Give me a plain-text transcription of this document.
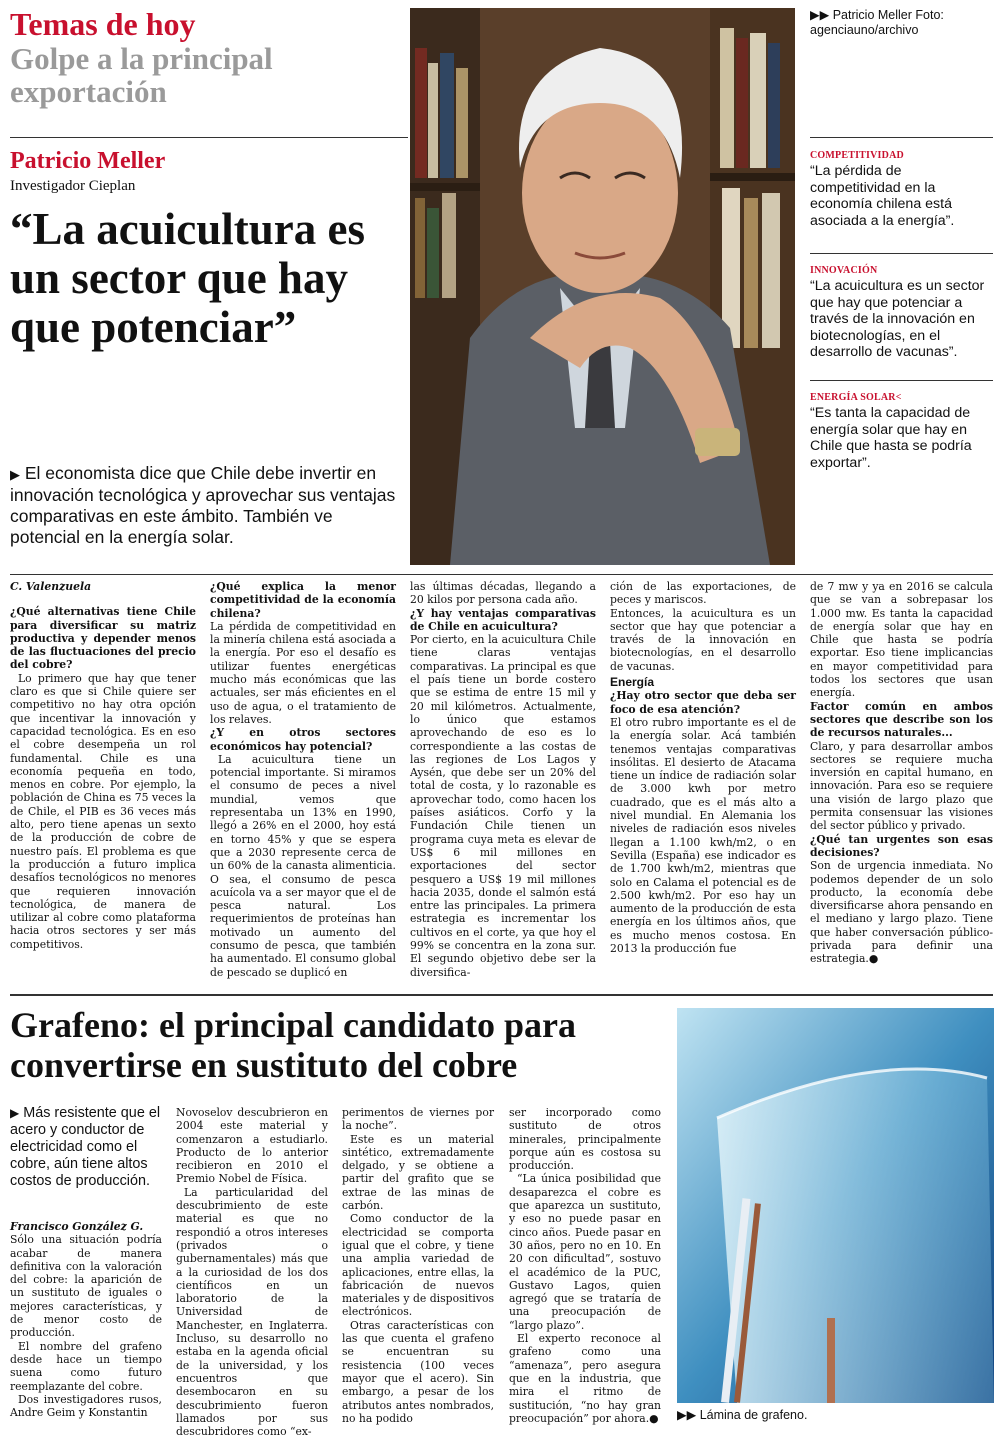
Temas de hoy
Golpe a la principal exportación
Patricio Meller
Investigador Cieplan
“La acuicultura es un sector que hay que potenciar”
▶ El economista dice que Chile debe invertir en innovación tecnológica y aprovechar sus ventajas comparativas en este ámbito. También ve potencial en la energía solar.
▶▶ Patricio Meller Foto: agenciauno/archivo
COMPETITIVIDAD
“La pérdida de competitividad en la economía chilena está asociada a la energía”.
INNOVACIÓN
“La acuicultura es un sector que hay que potenciar a través de la innovación en biotecnologías, en el desarrollo de vacunas”.
ENERGÍA SOLAR<
“Es tanta la capacidad de energía solar que hay en Chile que hasta se podría exportar”.

C. Valenzuela

¿Qué alternativas tiene Chile para diversificar su matriz productiva y depender menos de las fluctuaciones del precio del cobre?

Lo primero que hay que tener claro es que si Chile quiere ser competitivo no hay otra opción que incentivar la innovación y capacidad tecnológica. Es en eso el cobre desempeña un rol fundamental. Chile es una economía pequeña en todo, menos en cobre. Por ejemplo, la población de China es 75 veces la de Chile, el PIB es 36 veces más alto, pero tiene apenas un sexto de la producción de cobre de nuestro país. El problema es que la producción a futuro implica desafíos tecnológicos no menores que requieren innovación tecnológica, de manera de utilizar al cobre como plataforma hacia otros sectores y ser más competitivos.

¿Qué explica la menor competitividad de la economía chilena?

La pérdida de competitividad en la minería chilena está asociada a la energía. Por eso el desafío es utilizar fuentes energéticas mucho más económicas que las actuales, ser más eficientes en el uso de agua, o el tratamiento de los relaves.

¿Y en otros sectores económicos hay potencial?

La acuicultura tiene un potencial importante. Si miramos el consumo de peces a nivel mundial, vemos que representaba un 13% en 1990, llegó a 26% en el 2000, hoy está en torno 45% y que se espera que a 2030 represente cerca de un 60% de la canasta alimenticia. O sea, el consumo de pesca acuícola va a ser mayor que el de pesca natural. Los requerimientos de proteínas han motivado un aumento del consumo de pesca, que también ha aumentado. El consumo global de pescado se duplicó en

las últimas décadas, llegando a 20 kilos por persona cada año.

¿Y hay ventajas comparativas de Chile en acuicultura?

Por cierto, en la acuicultura Chile tiene claras ventajas comparativas. La principal es que el país tiene un borde costero que se estima de entre 15 mil y 20 mil kilómetros. Actualmente, lo único que estamos aprovechando de eso es lo correspondiente a las costas de las regiones de Los Lagos y Aysén, que debe ser un 20% del total de costa, y lo razonable es aprovechar todo, como hacen los países asiáticos. Corfo y la Fundación Chile tienen un programa cuya meta es elevar de US$ 6 mil millones en exportaciones del sector pesquero a US$ 19 mil millones hacia 2035, donde el salmón está entre las principales. La primera estrategia es incrementar los cultivos en el corte, ya que hoy el 99% se concentra en la zona sur. El segundo objetivo debe ser la diversifica-

ción de las exportaciones, de peces y mariscos.

Entonces, la acuicultura es un sector que hay que potenciar a través de la innovación en biotecnologías, en el desarrollo de vacunas.

Energía

¿Hay otro sector que deba ser foco de esa atención?

El otro rubro importante es el de la energía solar. Acá también tenemos ventajas comparativas insólitas. El desierto de Atacama tiene un índice de radiación solar de 3.000 kwh por metro cuadrado, que es el más alto a nivel mundial. En Alemania los niveles de radiación esos niveles llegan a 1.100 kwh/m2, o en Sevilla (España) ese indicador es de 1.700 kwh/m2, mientras que solo en Calama el potencial es de 2.500 kwh/m2. Por eso hay un aumento de la producción de esta energía en los últimos años, que es mucho menos costosa. En 2013 la producción fue

de 7 mw y ya en 2016 se calcula que se van a sobrepasar los 1.000 mw. Es tanta la capacidad de energía solar que hay en Chile que hasta se podría exportar. Eso tiene implicancias en mayor competitividad para todos los sectores que usan energía.

Factor común en ambos sectores que describe son los de recursos naturales...

Claro, y para desarrollar ambos sectores se requiere mucha inversión en capital humano, en innovación. Para eso se requiere una visión de largo plazo que permita consensuar las visiones del sector público y privado.

¿Qué tan urgentes son esas decisiones?

Son de urgencia inmediata. No podemos depender de un solo producto, la economía debe diversificarse ahora pensando en el mediano y largo plazo. Tiene que haber conversación público-privada para definir una estrategia.●

Grafeno: el principal candidato para convertirse en sustituto del cobre
▶ Más resistente que el acero y conductor de electricidad como el cobre, aún tiene altos costos de producción.

Francisco González G.

Sólo una situación podría acabar de manera definitiva con la valoración del cobre: la aparición de un sustituto de iguales o mejores características, y de menor costo de producción.

El nombre del grafeno desde hace un tiempo suena como futuro reemplazante del cobre.

Dos investigadores rusos, Andre Geim y Konstantin

Novoselov descubrieron en 2004 este material y comenzaron a estudiarlo. Producto de lo anterior recibieron en 2010 el Premio Nobel de Física.

La particularidad del descubrimiento de este material es que no respondió a otros intereses (privados o gubernamentales) más que a la curiosidad de los dos científicos en un laboratorio de la Universidad de Manchester, en Inglaterra. Incluso, su desarrollo no estaba en la agenda oficial de la universidad, y los encuentros que desembocaron en su descubrimiento fueron llamados por sus descubridores como “ex-

perimentos de viernes por la noche”.

Este es un material sintético, extremadamente delgado, y se obtiene a partir del grafito que se extrae de las minas de carbón.

Como conductor de la electricidad se comporta igual que el cobre, y tiene una amplia variedad de aplicaciones, entre ellas, la fabricación de nuevos materiales y de dispositivos electrónicos.

Otras características con las que cuenta el grafeno se encuentran su resistencia (100 veces mayor que el acero). Sin embargo, a pesar de los atributos antes nombrados, no ha podido

ser incorporado como sustituto de otros minerales, principalmente porque aún es costosa su producción.

“La única posibilidad que desaparezca el cobre es que aparezca un sustituto, y eso no puede pasar en cinco años. Puede pasar en 30 años, pero no en 10. En 20 con dificultad”, sostuvo el académico de la PUC, Gustavo Lagos, quien agregó que se trataría de una preocupación de “largo plazo”.

El experto reconoce al grafeno como una “amenaza”, pero asegura que en la industria, que mira el ritmo de sustitución, “no hay gran preocupación” por ahora.● ▶▶ Lámina de grafeno.
